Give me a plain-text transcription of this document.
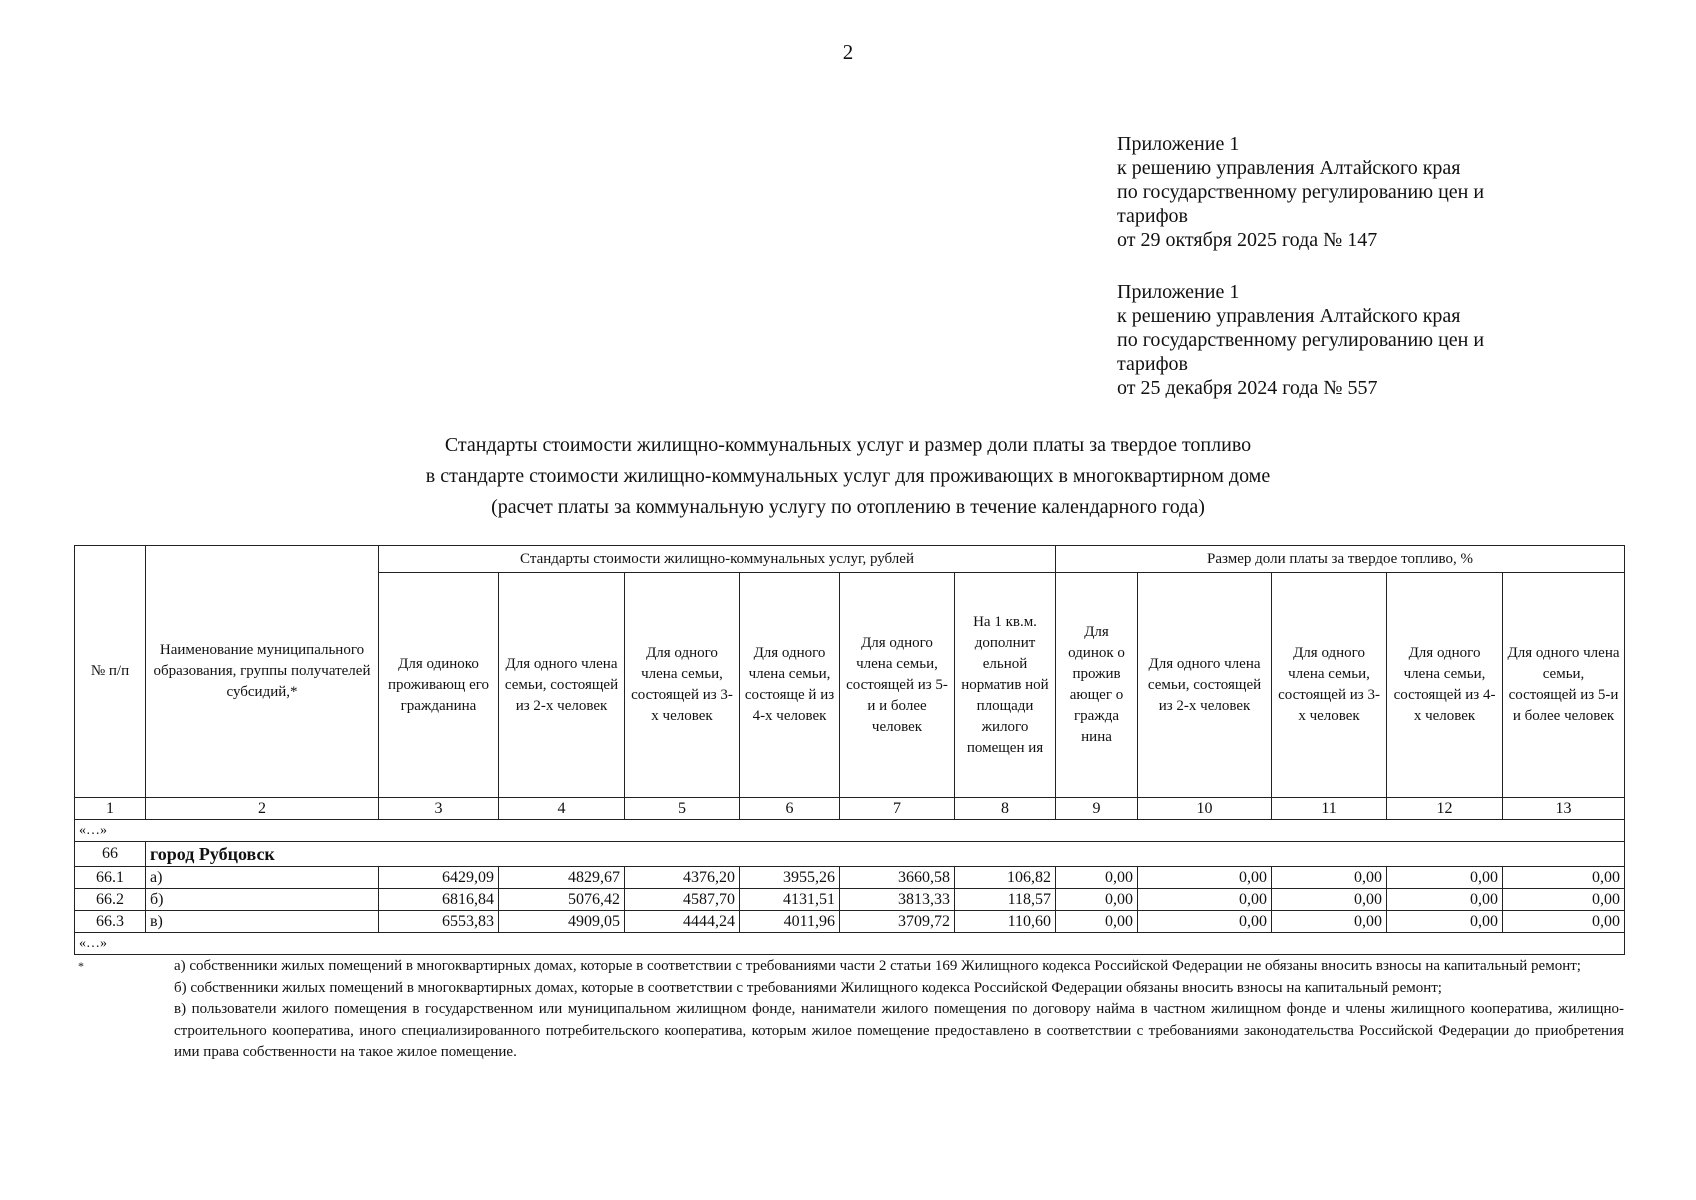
2
Приложение 1
к решению управления Алтайского края
по государственному регулированию цен и
тарифов
от 29 октября 2025 года № 147
Приложение 1
к решению управления Алтайского края
по государственному регулированию цен и
тарифов
от 25 декабря 2024 года № 557
Стандарты стоимости жилищно-коммунальных услуг и размер доли платы за твердое топливо
в стандарте стоимости жилищно-коммунальных услуг для проживающих в многоквартирном доме
(расчет платы за коммунальную услугу по отоплению в течение календарного года)
№ п/п	Наименование муниципального образования, группы получателей субсидий,*	Стандарты стоимости жилищно-коммунальных услуг, рублей						Размер доли платы за твердое топливо, %				
		Для одиноко проживающ его гражданина	Для одного члена семьи, состоящей из 2-х человек	Для одного члена семьи, состоящей из 3-х человек	Для одного члена семьи, состояще й из 4-х человек	Для одного члена семьи, состоящей из 5-и и более человек	На 1 кв.м. дополнит ельной норматив ной площади жилого помещен ия	Для одинок о прожив ающег о гражда нина	Для одного члена семьи, состоящей из 2-х человек	Для одного члена семьи, состоящей из 3-х человек	Для одного члена семьи, состоящей из 4-х человек	Для одного члена семьи, состоящей из 5-и и более человек
1	2	3	4	5	6	7	8	9	10	11	12	13
«…»												
66	город Рубцовск											
66.1	а)	6429,09	4829,67	4376,20	3955,26	3660,58	106,82	0,00	0,00	0,00	0,00	0,00
66.2	б)	6816,84	5076,42	4587,70	4131,51	3813,33	118,57	0,00	0,00	0,00	0,00	0,00
66.3	в)	6553,83	4909,05	4444,24	4011,96	3709,72	110,60	0,00	0,00	0,00	0,00	0,00
«…»												
*	а) собственники жилых помещений в многоквартирных домах, которые в соответствии с требованиями части 2 статьи 169 Жилищного кодекса Российской Федерации не обязаны вносить взносы на капитальный ремонт;
б) собственники жилых помещений в многоквартирных домах, которые в соответствии с требованиями Жилищного кодекса Российской Федерации обязаны вносить взносы на капитальный ремонт;
в) пользователи жилого помещения в государственном или муниципальном жилищном фонде, наниматели жилого помещения по договору найма в частном жилищном фонде и члены жилищного кооператива, жилищно-строительного кооператива, иного специализированного потребительского кооператива, которым жилое помещение предоставлено в соответствии с требованиями законодательства Российской Федерации до приобретения ими права собственности на такое жилое помещение.
